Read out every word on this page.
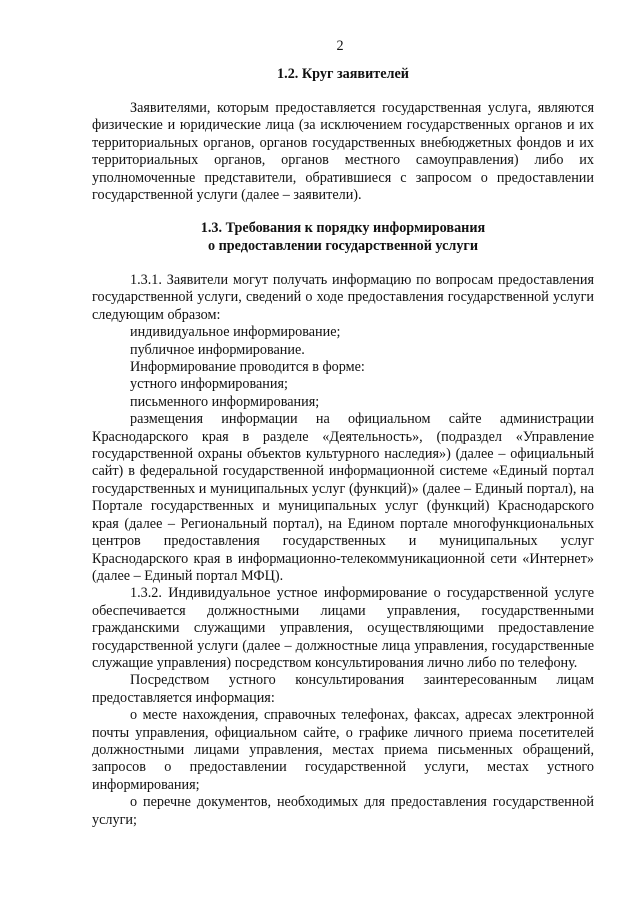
2
1.2. Круг заявителей

Заявителями, которым предоставляется государственная услуга, являются физические и юридические лица (за исключением государственных органов и их территориальных органов, органов государственных внебюджетных фондов и их территориальных органов, органов местного самоуправления) либо их уполномоченные представители, обратившиеся с запросом о предоставлении государственной услуги (далее – заявители).

1.3. Требования к порядку информирования
о предоставлении государственной услуги

1.3.1. Заявители могут получать информацию по вопросам предоставления государственной услуги, сведений о ходе предоставления государственной услуги следующим образом:

индивидуальное информирование;

публичное информирование.

Информирование проводится в форме:

устного информирования;

письменного информирования;

размещения информации на официальном сайте администрации Краснодарского края в разделе «Деятельность», (подраздел «Управление государственной охраны объектов культурного наследия») (далее – официальный сайт) в федеральной государственной информационной системе «Единый портал государственных и муниципальных услуг (функций)» (далее – Единый портал), на Портале государственных и муниципальных услуг (функций) Краснодарского края (далее – Региональный портал), на Едином портале многофункциональных центров предоставления государственных и муниципальных услуг Краснодарского края в информационно-телекоммуникационной сети «Интернет» (далее – Единый портал МФЦ).

1.3.2. Индивидуальное устное информирование о государственной услуге обеспечивается должностными лицами управления, государственными гражданскими служащими управления, осуществляющими предоставление государственной услуги (далее – должностные лица управления, государственные служащие управления) посредством консультирования лично либо по телефону.

Посредством устного консультирования заинтересованным лицам предоставляется информация:

о месте нахождения, справочных телефонах, факсах, адресах электронной почты управления, официальном сайте, о графике личного приема посетителей должностными лицами управления, местах приема письменных обращений, запросов о предоставлении государственной услуги, местах устного информирования;

о перечне документов, необходимых для предоставления государственной услуги;
